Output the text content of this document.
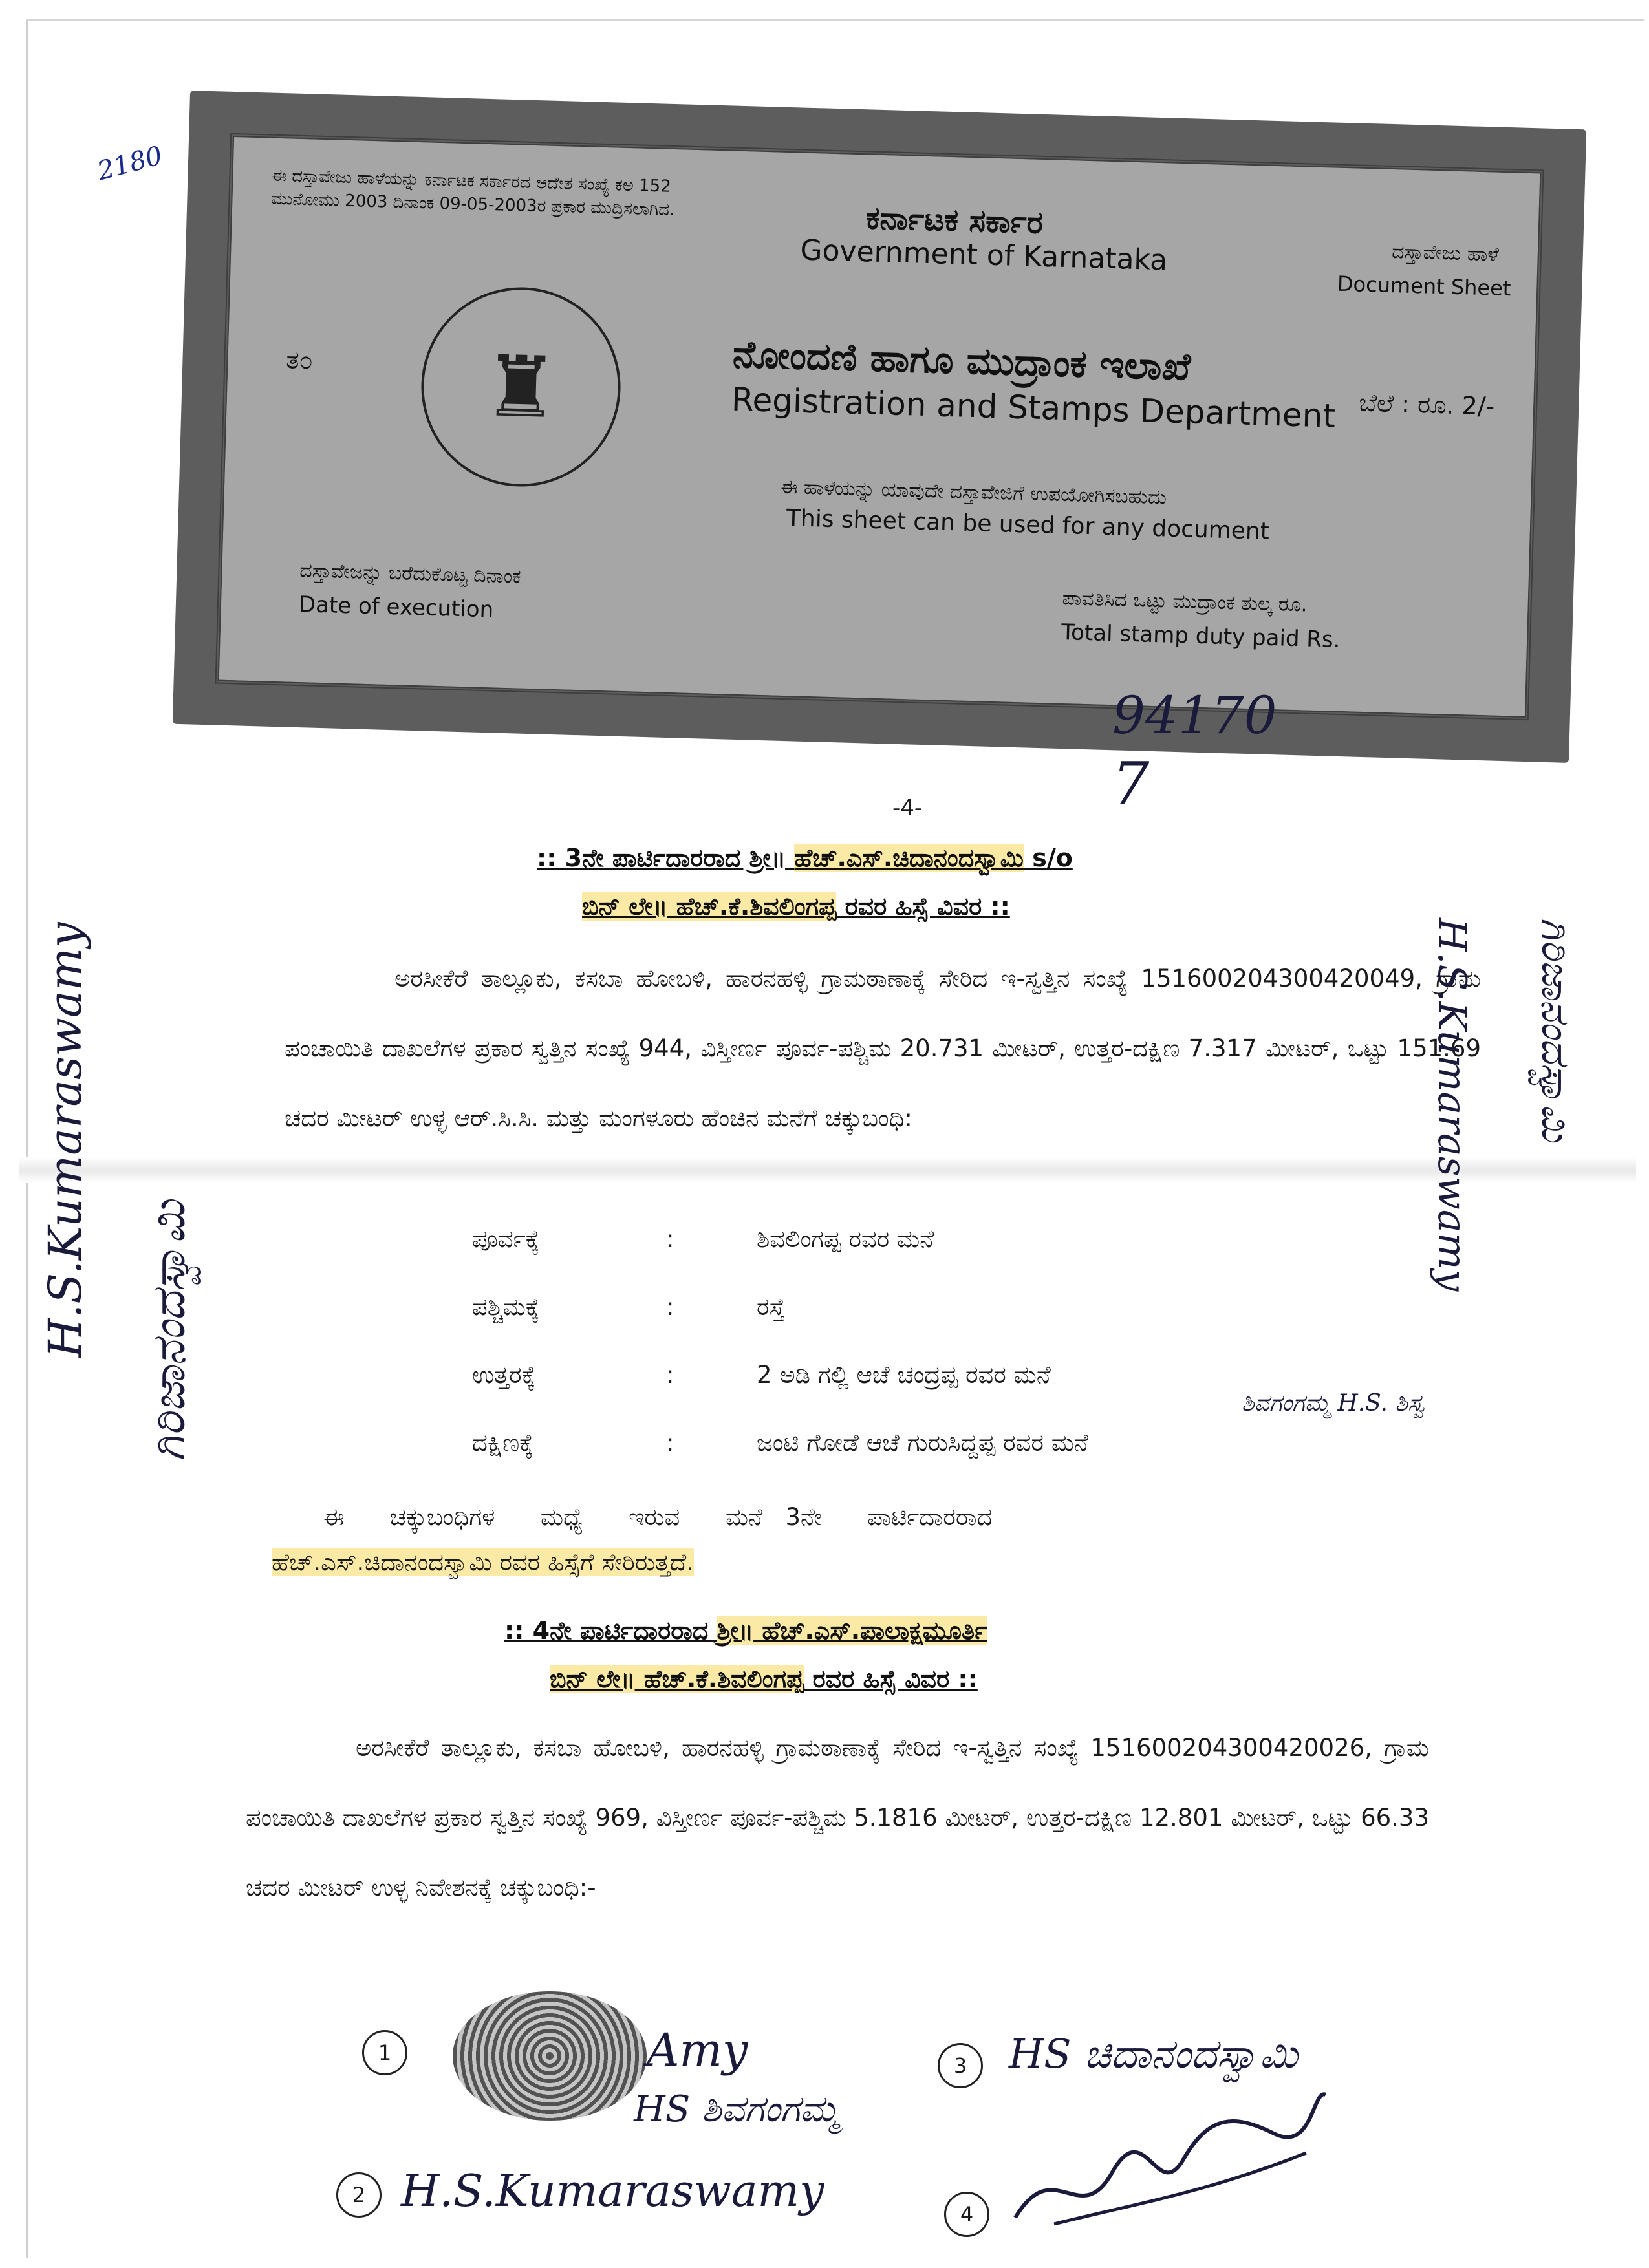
ಈ ದಸ್ತಾವೇಜು ಹಾಳೆಯನ್ನು ಕರ್ನಾಟಕ ಸರ್ಕಾರದ ಆದೇಶ ಸಂಖ್ಯೆ ಕಅ 152 ಮುನೋಮು 2003 ದಿನಾಂಕ 09-05-2003ರ ಪ್ರಕಾರ ಮುದ್ರಿಸಲಾಗಿದ.	ಕರ್ನಾಟಕ ಸರ್ಕಾರ
Government of Karnataka	ದಸ್ತಾವೇಜು ಹಾಳೆ
Document Sheet
ತ೦	♜	ನೋಂದಣಿ ಹಾಗೂ ಮುದ್ರಾಂಕ ಇಲಾಖೆ
Registration and Stamps Department ಬೆಲೆ : ರೂ. 2/-
ಈ ಹಾಳೆಯನ್ನು ಯಾವುದೇ ದಸ್ತಾವೇಜಿಗೆ ಉಪಯೋಗಿಸಬಹುದು
This sheet can be used for any document
ದಸ್ತಾವೇಜನ್ನು ಬರೆದುಕೊಟ್ಟ ದಿನಾಂಕ
Date of execution	ಪಾವತಿಸಿದ ಒಟ್ಟು ಮುದ್ರಾಂಕ ಶುಲ್ಕ ರೂ.
Total stamp duty paid Rs.
2180
94170
7
-4-
:: 3ನೇ ಪಾರ್ಟಿದಾರರಾದ ಶ್ರೀ॥ ಹೆಚ್.ಎಸ್.ಚಿದಾನಂದಸ್ವಾಮಿ s/o
ಬಿನ್ ಲೇ॥ ಹೆಚ್.ಕೆ.ಶಿವಲಿಂಗಪ್ಪ ರವರ ಹಿಸ್ಸೆ ವಿವರ ::
ಅರಸೀಕೆರೆ ತಾಲ್ಲೂಕು, ಕಸಬಾ ಹೋಬಳಿ, ಹಾರನಹಳ್ಳಿ ಗ್ರಾಮಠಾಣಾಕ್ಕೆ ಸೇರಿದ ಇ-ಸ್ವತ್ತಿನ ಸಂಖ್ಯೆ 151600204300420049, ಗ್ರಾಮ ಪಂಚಾಯಿತಿ ದಾಖಲೆಗಳ ಪ್ರಕಾರ ಸ್ವತ್ತಿನ ಸಂಖ್ಯೆ 944, ವಿಸ್ತೀರ್ಣ ಪೂರ್ವ-ಪಶ್ಚಿಮ 20.731 ಮೀಟರ್, ಉತ್ತರ-ದಕ್ಷಿಣ 7.317 ಮೀಟರ್, ಒಟ್ಟು 151.69 ಚದರ ಮೀಟರ್ ಉಳ್ಳ ಆರ್.ಸಿ.ಸಿ. ಮತ್ತು ಮಂಗಳೂರು ಹೆಂಚಿನ ಮನೆಗೆ ಚಕ್ಕುಬಂಧಿ:
ಪೂರ್ವಕ್ಕೆ	:	ಶಿವಲಿಂಗಪ್ಪ ರವರ ಮನೆ
ಪಶ್ಚಿಮಕ್ಕೆ	:	ರಸ್ತೆ
ಉತ್ತರಕ್ಕೆ	:	2 ಅಡಿ ಗಲ್ಲಿ ಆಚೆ ಚಂದ್ರಪ್ಪ ರವರ ಮನೆ
ದಕ್ಷಿಣಕ್ಕೆ	:	ಜಂಟಿ ಗೋಡೆ ಆಚೆ ಗುರುಸಿದ್ದಪ್ಪ ರವರ ಮನೆ
ಶಿವಗಂಗಮ್ಮ H.S. ಶಿಸ್ವ
ಈ      ಚಕ್ಕುಬಂಧಿಗಳ      ಮಧ್ಯೆ      ಇರುವ      ಮನೆ   3ನೇ      ಪಾರ್ಟಿದಾರರಾದ
ಹೆಚ್.ಎಸ್.ಚಿದಾನಂದಸ್ವಾಮಿ ರವರ ಹಿಸ್ಸೆಗೆ ಸೇರಿರುತ್ತದೆ.
:: 4ನೇ ಪಾರ್ಟಿದಾರರಾದ ಶ್ರೀ॥ ಹೆಚ್.ಎಸ್.ಪಾಲಾಕ್ಷಮೂರ್ತಿ
ಬಿನ್ ಲೇ॥ ಹೆಚ್.ಕೆ.ಶಿವಲಿಂಗಪ್ಪ ರವರ ಹಿಸ್ಸೆ ವಿವರ ::
ಅರಸೀಕೆರೆ ತಾಲ್ಲೂಕು, ಕಸಬಾ ಹೋಬಳಿ, ಹಾರನಹಳ್ಳಿ ಗ್ರಾಮಠಾಣಾಕ್ಕೆ ಸೇರಿದ ಇ-ಸ್ವತ್ತಿನ ಸಂಖ್ಯೆ 151600204300420026, ಗ್ರಾಮ ಪಂಚಾಯಿತಿ ದಾಖಲೆಗಳ ಪ್ರಕಾರ ಸ್ವತ್ತಿನ ಸಂಖ್ಯೆ 969, ವಿಸ್ತೀರ್ಣ ಪೂರ್ವ-ಪಶ್ಚಿಮ 5.1816 ಮೀಟರ್, ಉತ್ತರ-ದಕ್ಷಿಣ 12.801 ಮೀಟರ್, ಒಟ್ಟು 66.33 ಚದರ ಮೀಟರ್ ಉಳ್ಳ ನಿವೇಶನಕ್ಕೆ ಚಕ್ಕುಬಂಧಿ:-
H.S.Kumaraswamy ಗಿರಿಜಾನಂದಸ್ವಾಮಿ
H.S.Kumaraswamy ಗಿರಿಜಾನಂದಸ್ವಾಮಿ
1	Amy
HS ಶಿವಗಂಗಮ್ಮ
3	HS ಚಿದಾನಂದಸ್ವಾಮಿ
2 H.S.Kumaraswamy	4
